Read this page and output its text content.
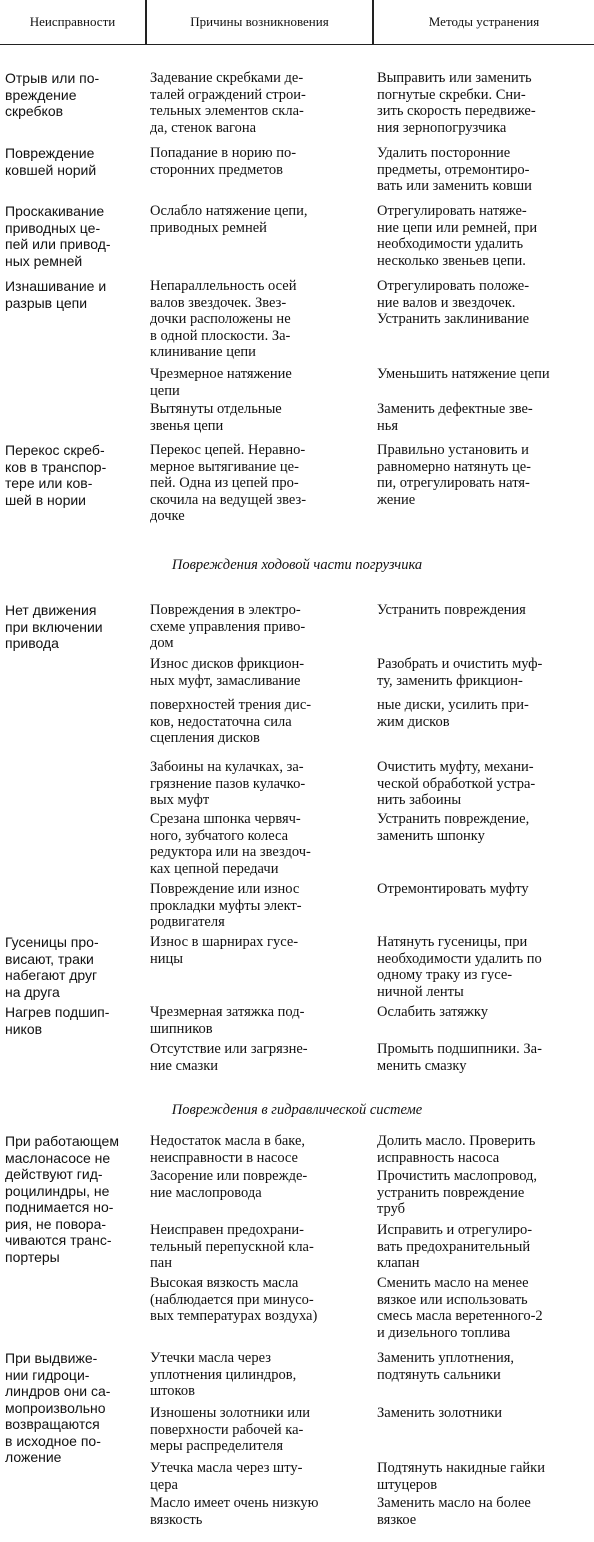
Неисправности	Причины возникновения	Методы устранения
Отрыв или по-
вреждение
скребков
Задевание скребками де-
талей ограждений строи-
тельных элементов скла-
да, стенок вагона
Выправить или заменить
погнутые скребки. Сни-
зить скорость передвиже-
ния зернопогрузчика
Повреждение
ковшей норий
Попадание в норию по-
сторонних предметов
Удалить посторонние
предметы, отремонтиро-
вать или заменить ковши
Проскакивание
приводных це-
пей или привод-
ных ремней
Ослабло натяжение цепи,
приводных ремней
Отрегулировать натяже-
ние цепи или ремней, при
необходимости удалить
несколько звеньев цепи.
Изнашивание и
разрыв цепи
Непараллельность осей
валов звездочек. Звез-
дочки расположены не
в одной плоскости. За-
клинивание цепи
Отрегулировать положе-
ние валов и звездочек.
Устранить заклинивание
Чрезмерное натяжение
цепи
Уменьшить натяжение цепи
Вытянуты отдельные
звенья цепи
Заменить дефектные зве-
нья
Перекос скреб-
ков в транспор-
тере или ков-
шей в нории
Перекос цепей. Неравно-
мерное вытягивание це-
пей. Одна из цепей про-
скочила на ведущей звез-
дочке
Правильно установить и
равномерно натянуть це-
пи, отрегулировать натя-
жение
Повреждения ходовой части погрузчика
Нет движения
при включении
привода
Повреждения в электро-
схеме управления приво-
дом
Устранить повреждения
Износ дисков фрикцион-
ных муфт, замасливание
Разобрать и очистить муф-
ту, заменить фрикцион-
поверхностей трения дис-
ков, недостаточна сила
сцепления дисков
ные диски, усилить при-
жим дисков
Забоины на кулачках, за-
грязнение пазов кулачко-
вых муфт
Очистить муфту, механи-
ческой обработкой устра-
нить забоины
Срезана шпонка червяч-
ного, зубчатого колеса
редуктора или на звездоч-
ках цепной передачи
Устранить повреждение,
заменить шпонку
Повреждение или износ
прокладки муфты элект-
родвигателя
Отремонтировать муфту
Гусеницы про-
висают, траки
набегают друг
на друга
Износ в шарнирах гусе-
ницы
Натянуть гусеницы, при
необходимости удалить по
одному траку из гусе-
ничной ленты
Нагрев подшип-
ников
Чрезмерная затяжка под-
шипников
Ослабить затяжку
Отсутствие или загрязне-
ние смазки
Промыть подшипники. За-
менить смазку
Повреждения в гидравлической системе
При работающем
маслонасосе не
действуют гид-
роцилиндры, не
поднимается но-
рия, не повора-
чиваются транс-
портеры
Недостаток масла в баке,
неисправности в насосе
Долить масло. Проверить
исправность насоса
Засорение или поврежде-
ние маслопровода
Прочистить маслопровод,
устранить повреждение
труб
Неисправен предохрани-
тельный перепускной кла-
пан
Исправить и отрегулиро-
вать предохранительный
клапан
Высокая вязкость масла
(наблюдается при минусо-
вых температурах воздуха)
Сменить масло на менее
вязкое или использовать
смесь масла веретенного-2
и дизельного топлива
При выдвиже-
нии гидроци-
линдров они са-
мопроизвольно
возвращаются
в исходное по-
ложение
Утечки масла через
уплотнения цилиндров,
штоков
Заменить уплотнения,
подтянуть сальники
Изношены золотники или
поверхности рабочей ка-
меры распределителя
Заменить золотники
Утечка масла через шту-
цера
Подтянуть накидные гайки
штуцеров
Масло имеет очень низкую
вязкость
Заменить масло на более
вязкое
